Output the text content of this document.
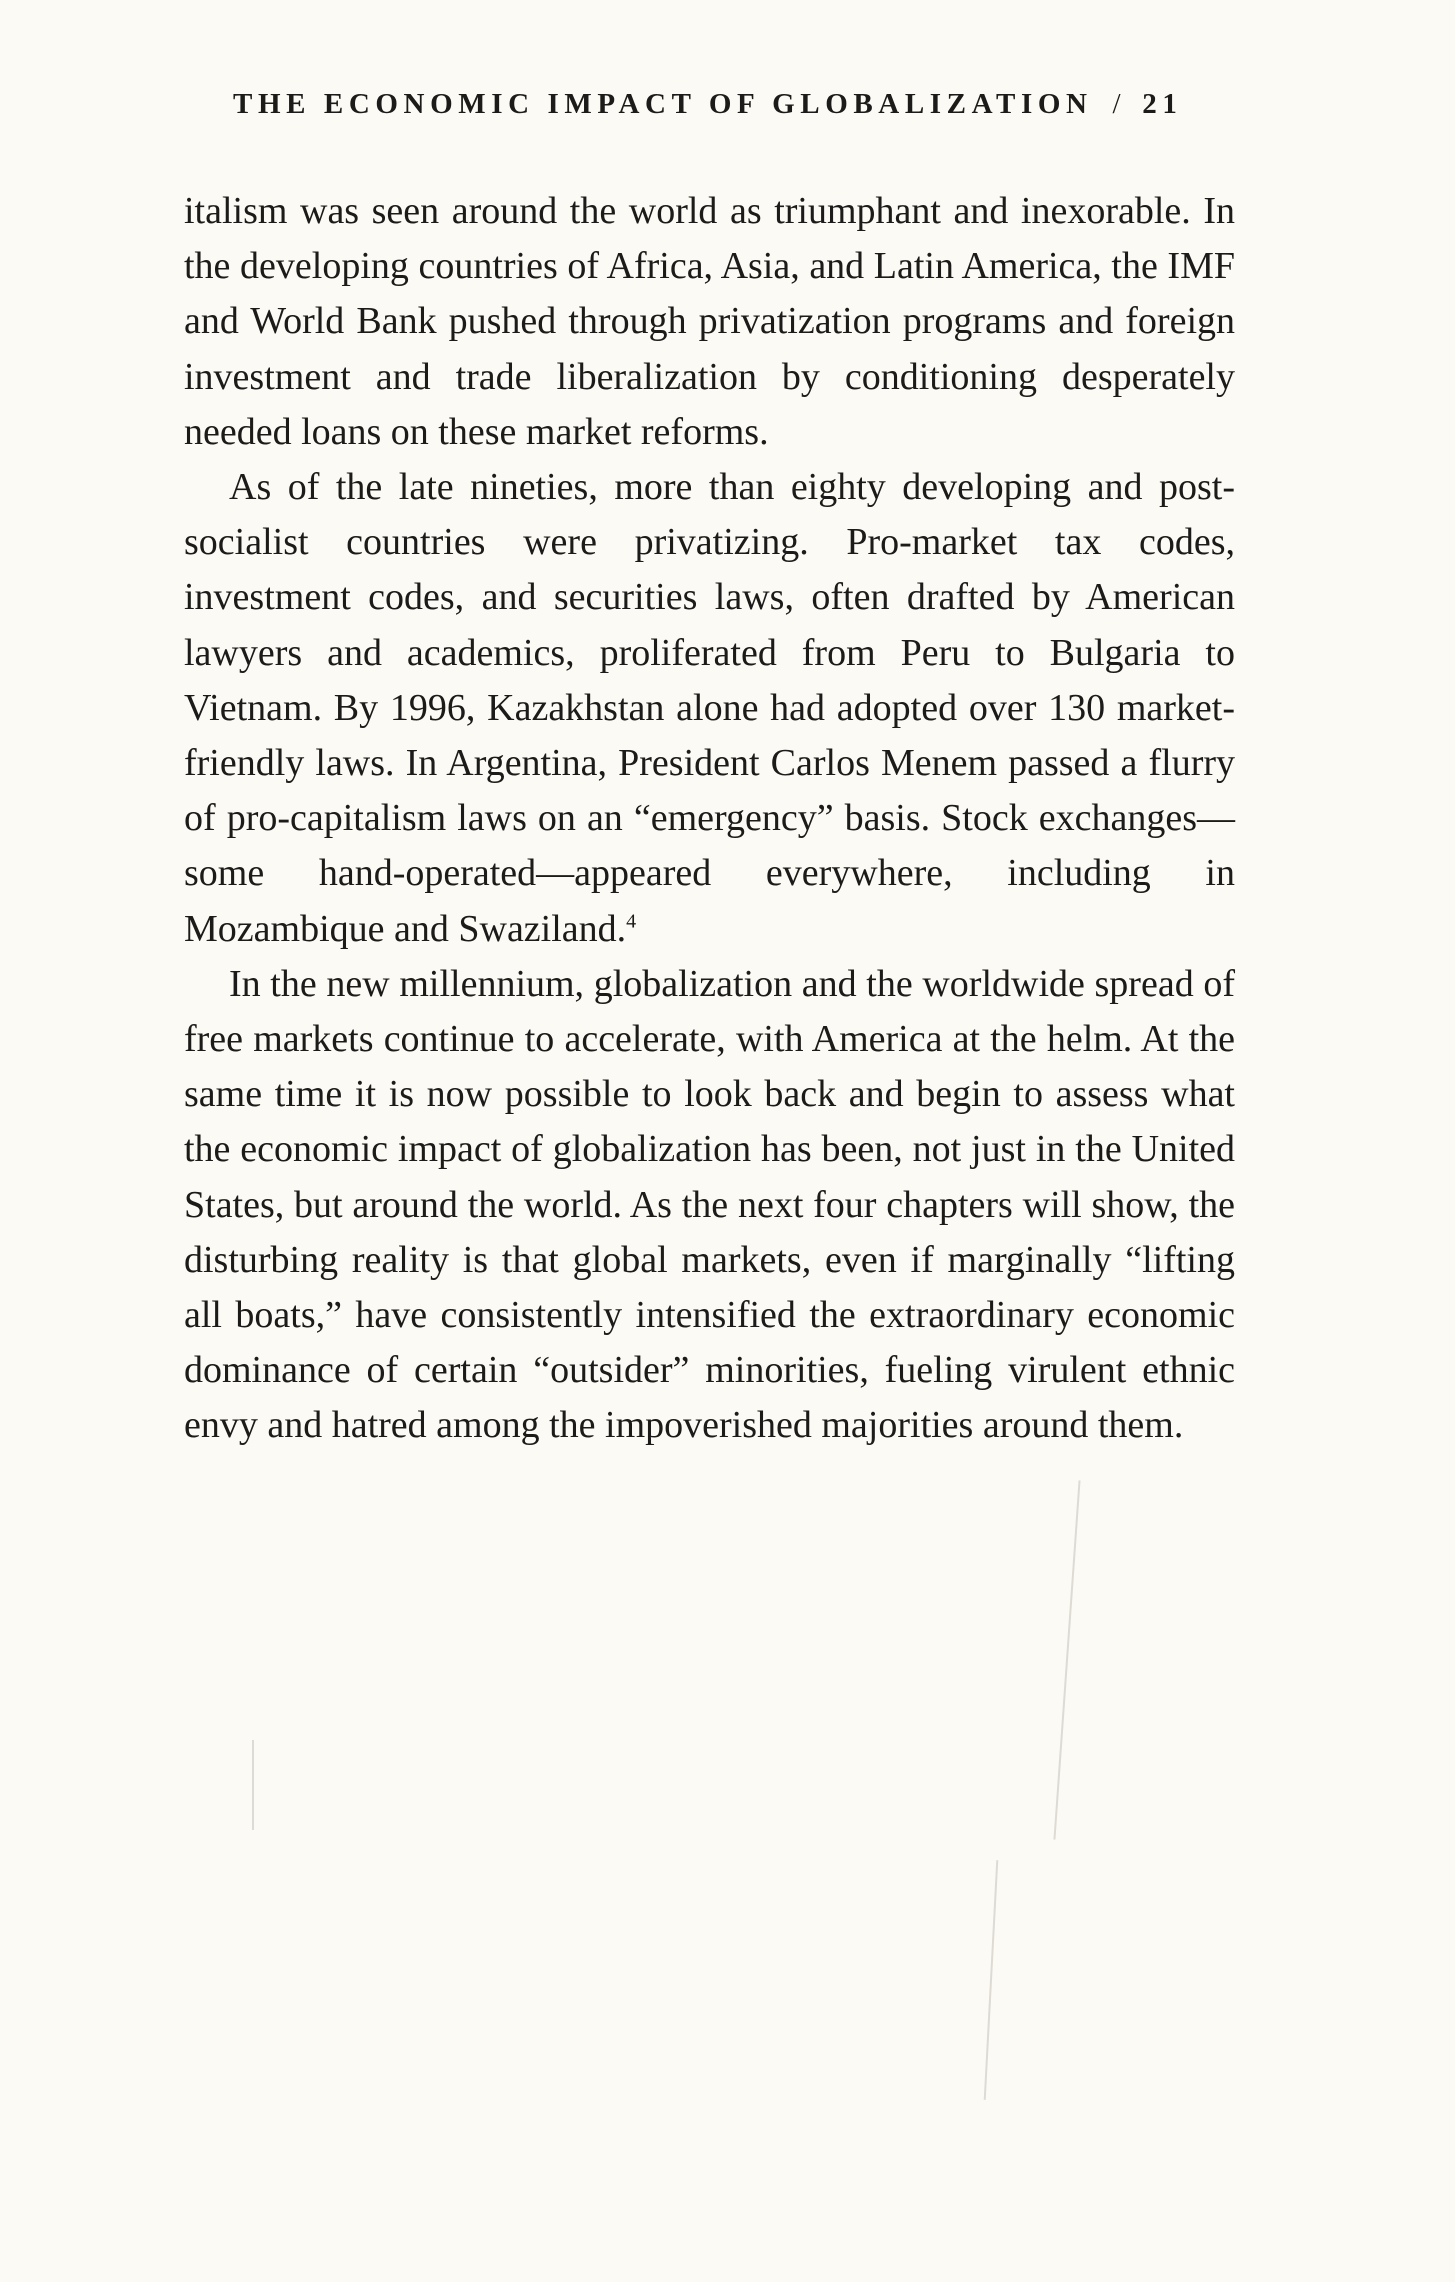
THE ECONOMIC IMPACT OF GLOBALIZATION / 21

italism was seen around the world as triumphant and inexorable. In the developing countries of Africa, Asia, and Latin America, the IMF and World Bank pushed through privatization programs and foreign investment and trade liberalization by conditioning desperately needed loans on these market reforms.

As of the late nineties, more than eighty developing and post-socialist countries were privatizing. Pro-market tax codes, investment codes, and securities laws, often drafted by American lawyers and academics, proliferated from Peru to Bulgaria to Vietnam. By 1996, Kazakhstan alone had adopted over 130 market-friendly laws. In Argentina, President Carlos Menem passed a flurry of pro-capitalism laws on an “emergency” basis. Stock exchanges—some hand-operated—appeared everywhere, including in Mozambique and Swaziland.$^4$

In the new millennium, globalization and the worldwide spread of free markets continue to accelerate, with America at the helm. At the same time it is now possible to look back and begin to assess what the economic impact of globalization has been, not just in the United States, but around the world. As the next four chapters will show, the disturbing reality is that global markets, even if marginally “lifting all boats,” have consistently intensified the extraordinary economic dominance of certain “outsider” minorities, fueling virulent ethnic envy and hatred among the impoverished majorities around them.
